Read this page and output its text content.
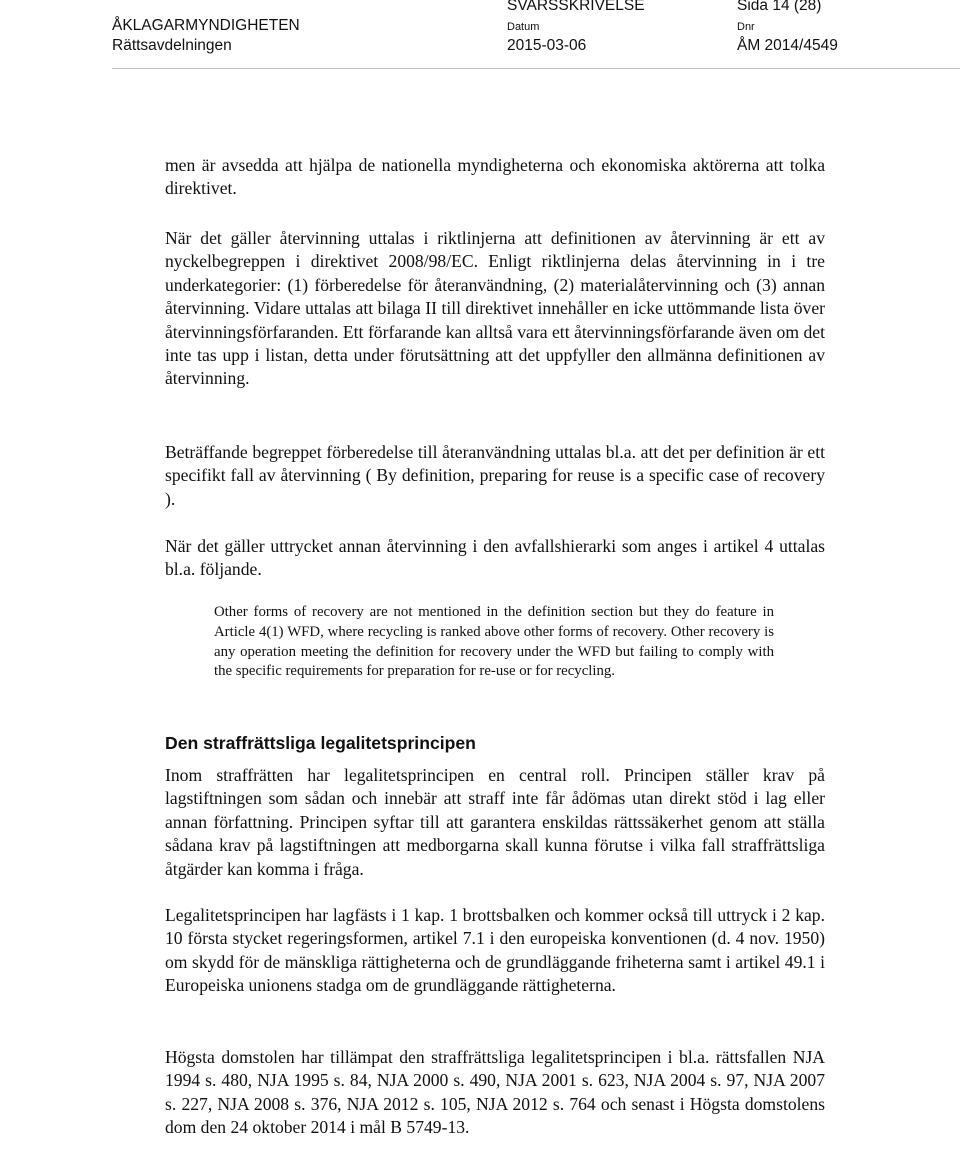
ÅKLAGARMYNDIGHETEN
Rättsavdelningen
SVARSSKRIVELSE
Datum
2015-03-06
Sida 14 (28)
Dnr
ÅM 2014/4549

men är avsedda att hjälpa de nationella myndigheterna och ekonomiska aktörerna att tolka direktivet.

När det gäller återvinning uttalas i riktlinjerna att definitionen av återvinning är ett av nyckelbegreppen i direktivet 2008/98/EC. Enligt riktlinjerna delas återvinning in i tre underkategorier: (1) förberedelse för återanvändning, (2) materialåtervinning och (3) annan återvinning. Vidare uttalas att bilaga II till direktivet innehåller en icke uttömmande lista över återvinningsförfaranden. Ett förfarande kan alltså vara ett återvinningsförfarande även om det inte tas upp i listan, detta under förutsättning att det uppfyller den allmänna definitionen av återvinning.

Beträffande begreppet förberedelse till återanvändning uttalas bl.a. att det per definition är ett specifikt fall av återvinning ( By definition, preparing for reuse is a specific case of recovery ).

När det gäller uttrycket annan återvinning i den avfallshierarki som anges i artikel 4 uttalas bl.a. följande.

Other forms of recovery are not mentioned in the definition section but they do feature in Article 4(1) WFD, where recycling is ranked above other forms of recovery. Other recovery is any operation meeting the definition for recovery under the WFD but failing to comply with the specific requirements for preparation for re-use or for recycling.
Den straffrättsliga legalitetsprincipen

Inom straffrätten har legalitetsprincipen en central roll. Principen ställer krav på lagstiftningen som sådan och innebär att straff inte får ådömas utan direkt stöd i lag eller annan författning. Principen syftar till att garantera enskildas rättssäkerhet genom att ställa sådana krav på lagstiftningen att medborgarna skall kunna förutse i vilka fall straffrättsliga åtgärder kan komma i fråga.

Legalitetsprincipen har lagfästs i 1 kap. 1 brottsbalken och kommer också till uttryck i 2 kap. 10 första stycket regeringsformen, artikel 7.1 i den europeiska konventionen (d. 4 nov. 1950) om skydd för de mänskliga rättigheterna och de grundläggande friheterna samt i artikel 49.1 i Europeiska unionens stadga om de grundläggande rättigheterna.

Högsta domstolen har tillämpat den straffrättsliga legalitetsprincipen i bl.a. rättsfallen NJA 1994 s. 480, NJA 1995 s. 84, NJA 2000 s. 490, NJA 2001 s. 623, NJA 2004 s. 97, NJA 2007 s. 227, NJA 2008 s. 376, NJA 2012 s. 105, NJA 2012 s. 764 och senast i Högsta domstolens dom den 24 oktober 2014 i mål B 5749-13.
